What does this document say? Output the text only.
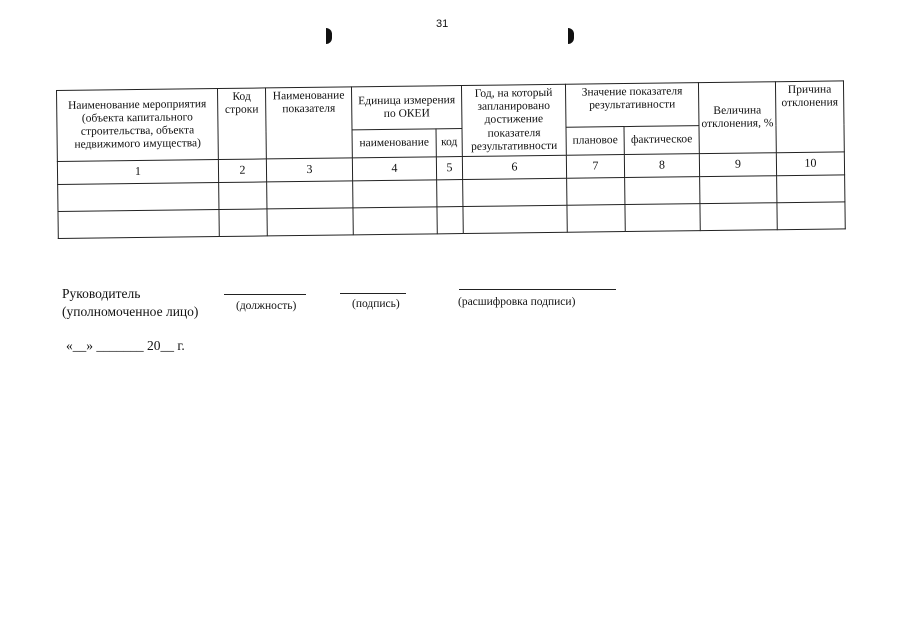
31
Наименование мероприятия (объекта капитального строительства, объекта недвижимого имущества)	Код строки	Наименование показателя	Единица измерения по ОКЕИ		Год, на который запланировано достижение показателя результативности	Значение показателя результативности		Величина отклонения, %	Причина отклонения
			наименование	код		плановое	фактическое		
1	2	3	4	5	6	7	8	9	10

Руководитель
(уполномоченное лицо)	(должность)	(подпись)	(расшифровка подписи)
«__» _______ 20__ г.
